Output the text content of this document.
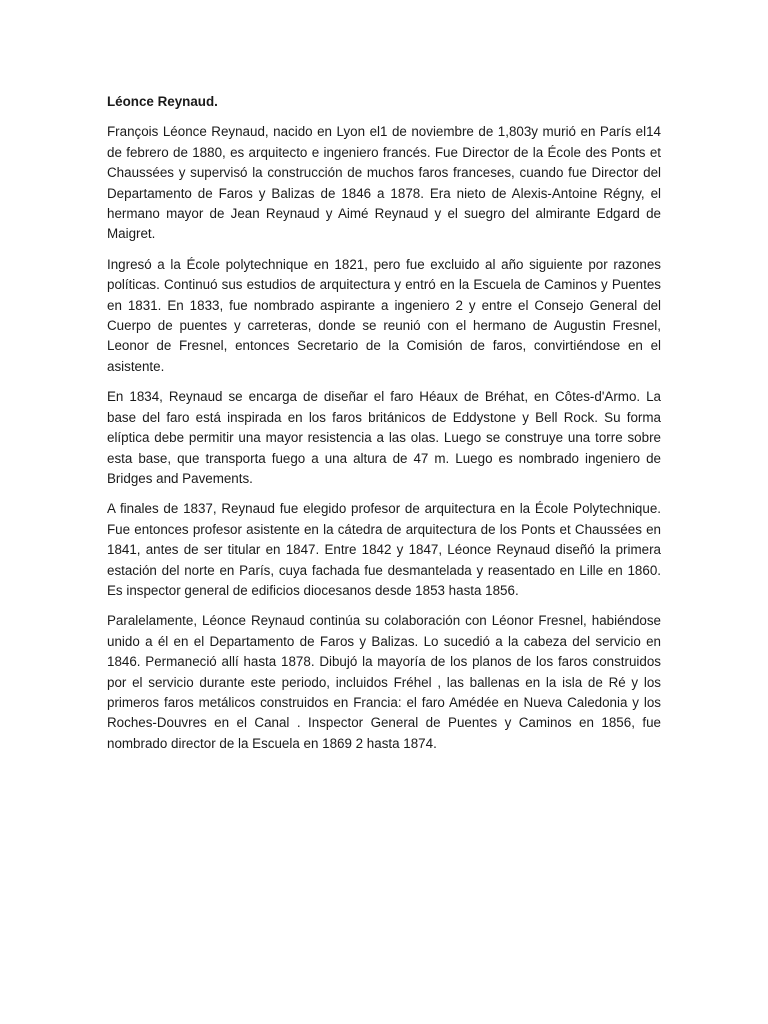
Léonce Reynaud.

François Léonce Reynaud, nacido en Lyon el1 de noviembre de 1,803y murió en París el14 de febrero de 1880, es arquitecto e ingeniero francés. Fue Director de la École des Ponts et Chaussées y supervisó la construcción de muchos faros franceses, cuando fue Director del Departamento de Faros y Balizas de 1846 a 1878. Era nieto de Alexis-Antoine Régny, el hermano mayor de Jean Reynaud y Aimé Reynaud y el suegro del almirante Edgard de Maigret.

Ingresó a la École polytechnique en 1821, pero fue excluido al año siguiente por razones políticas. Continuó sus estudios de arquitectura y entró en la Escuela de Caminos y Puentes en 1831. En 1833, fue nombrado aspirante a ingeniero 2 y entre el Consejo General del Cuerpo de puentes y carreteras, donde se reunió con el hermano de Augustin Fresnel, Leonor de Fresnel, entonces Secretario de la Comisión de faros, convirtiéndose en el asistente.

En 1834, Reynaud se encarga de diseñar el faro Héaux de Bréhat, en Côtes-d'Armo. La base del faro está inspirada en los faros británicos de Eddystone y Bell Rock. Su forma elíptica debe permitir una mayor resistencia a las olas. Luego se construye una torre sobre esta base, que transporta fuego a una altura de 47 m. Luego es nombrado ingeniero de Bridges and Pavements.

A finales de 1837, Reynaud fue elegido profesor de arquitectura en la École Polytechnique. Fue entonces profesor asistente en la cátedra de arquitectura de los Ponts et Chaussées en 1841, antes de ser titular en 1847. Entre 1842 y 1847, Léonce Reynaud diseñó la primera estación del norte en París, cuya fachada fue desmantelada y reasentado en Lille en 1860. Es inspector general de edificios diocesanos desde 1853 hasta 1856.

Paralelamente, Léonce Reynaud continúa su colaboración con Léonor Fresnel, habiéndose unido a él en el Departamento de Faros y Balizas. Lo sucedió a la cabeza del servicio en 1846. Permaneció allí hasta 1878. Dibujó la mayoría de los planos de los faros construidos por el servicio durante este periodo, incluidos Fréhel , las ballenas en la isla de Ré y los primeros faros metálicos construidos en Francia: el faro Amédée en Nueva Caledonia y los Roches-Douvres en el Canal . Inspector General de Puentes y Caminos en 1856, fue nombrado director de la Escuela en 1869 2 hasta 1874.
